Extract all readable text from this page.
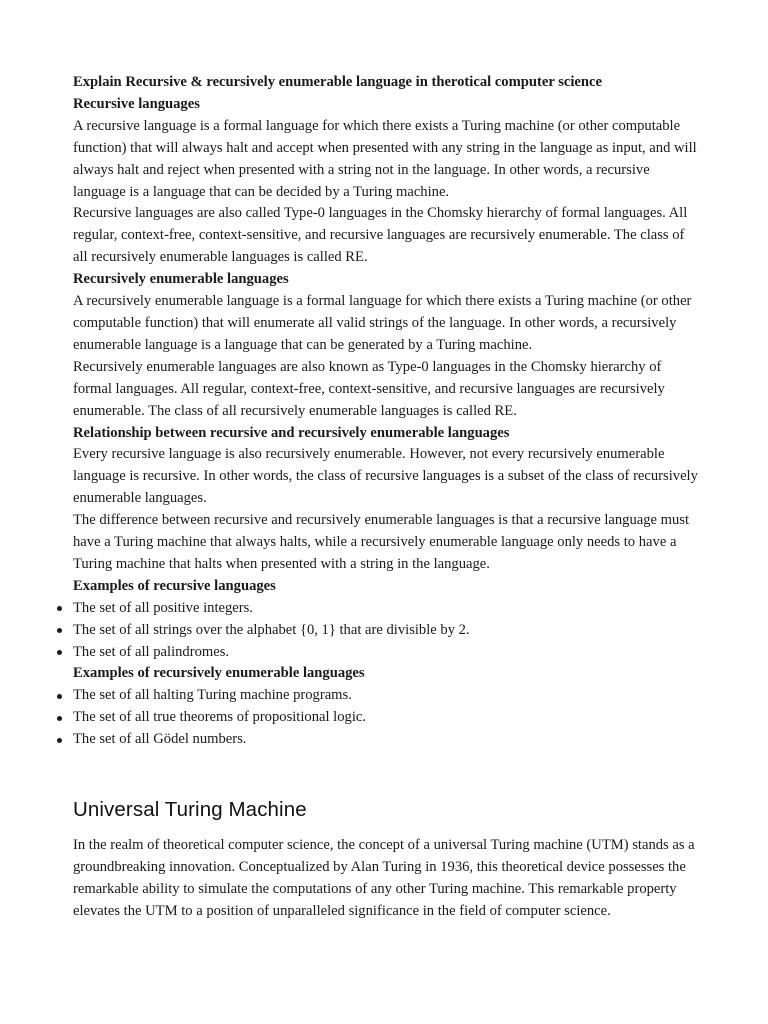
Explain Recursive & recursively enumerable language in therotical computer science

Recursive languages

A recursive language is a formal language for which there exists a Turing machine (or other computable function) that will always halt and accept when presented with any string in the language as input, and will always halt and reject when presented with a string not in the language. In other words, a recursive language is a language that can be decided by a Turing machine.

Recursive languages are also called Type-0 languages in the Chomsky hierarchy of formal languages. All regular, context-free, context-sensitive, and recursive languages are recursively enumerable. The class of all recursively enumerable languages is called RE.

Recursively enumerable languages

A recursively enumerable language is a formal language for which there exists a Turing machine (or other computable function) that will enumerate all valid strings of the language. In other words, a recursively enumerable language is a language that can be generated by a Turing machine.

Recursively enumerable languages are also known as Type-0 languages in the Chomsky hierarchy of formal languages. All regular, context-free, context-sensitive, and recursive languages are recursively enumerable. The class of all recursively enumerable languages is called RE.

Relationship between recursive and recursively enumerable languages

Every recursive language is also recursively enumerable. However, not every recursively enumerable language is recursive. In other words, the class of recursive languages is a subset of the class of recursively enumerable languages.

The difference between recursive and recursively enumerable languages is that a recursive language must have a Turing machine that always halts, while a recursively enumerable language only needs to have a Turing machine that halts when presented with a string in the language.

Examples of recursive languages

The set of all positive integers.
The set of all strings over the alphabet {0, 1} that are divisible by 2.
The set of all palindromes.

Examples of recursively enumerable languages

The set of all halting Turing machine programs.
The set of all true theorems of propositional logic.
The set of all Gödel numbers.
Universal Turing Machine

In the realm of theoretical computer science, the concept of a universal Turing machine (UTM) stands as a groundbreaking innovation. Conceptualized by Alan Turing in 1936, this theoretical device possesses the remarkable ability to simulate the computations of any other Turing machine. This remarkable property elevates the UTM to a position of unparalleled significance in the field of computer science.
